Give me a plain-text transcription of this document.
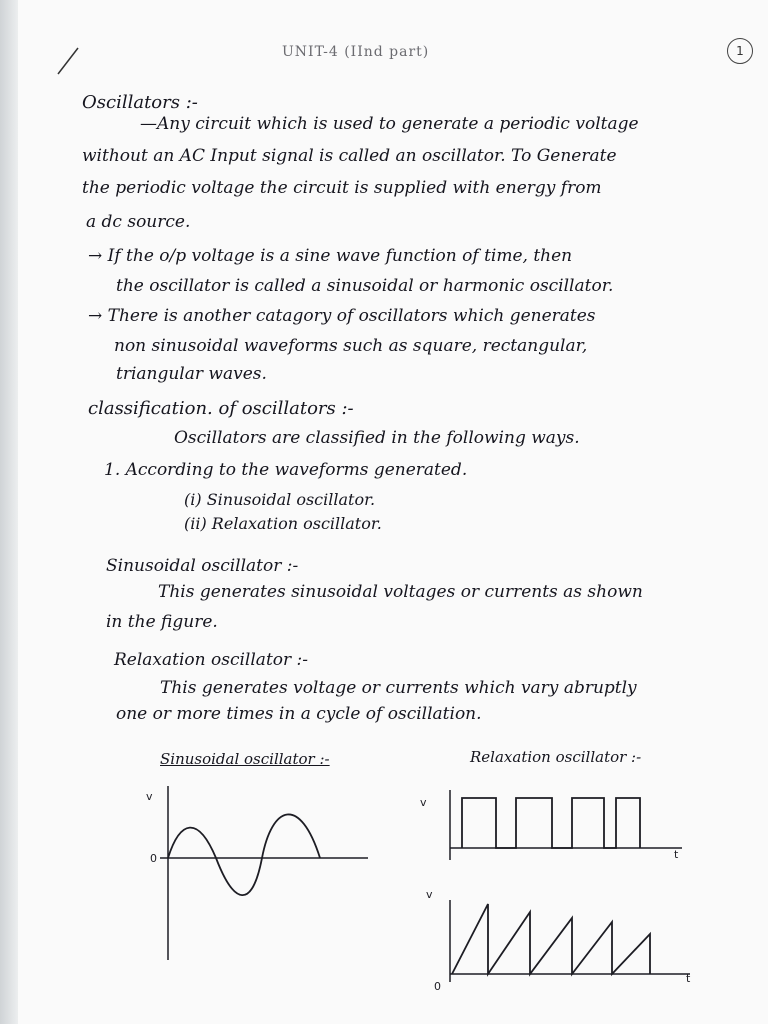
UNIT-4 (IInd part)	1
Oscillators :-
—Any circuit which is used to generate a periodic voltage
without an AC Input signal is called an oscillator. To Generate
the periodic voltage the circuit is supplied with energy from
a dc source.
→ If the o/p voltage is a sine wave function of time, then
the oscillator is called a sinusoidal or harmonic oscillator.
→ There is another catagory of oscillators which generates
non sinusoidal waveforms such as square, rectangular,
triangular waves.
classification. of oscillators :-
Oscillators are classified in the following ways.
1. According to the waveforms generated.
(i) Sinusoidal oscillator.
(ii) Relaxation oscillator.
Sinusoidal oscillator :-
This generates sinusoidal voltages or currents as shown
in the figure.
Relaxation oscillator :-
This generates voltage or currents which vary abruptly
one or more times in a cycle of oscillation.
Sinusoidal oscillator :-	Relaxation oscillator :-
v
0
v
t
v
0
t
